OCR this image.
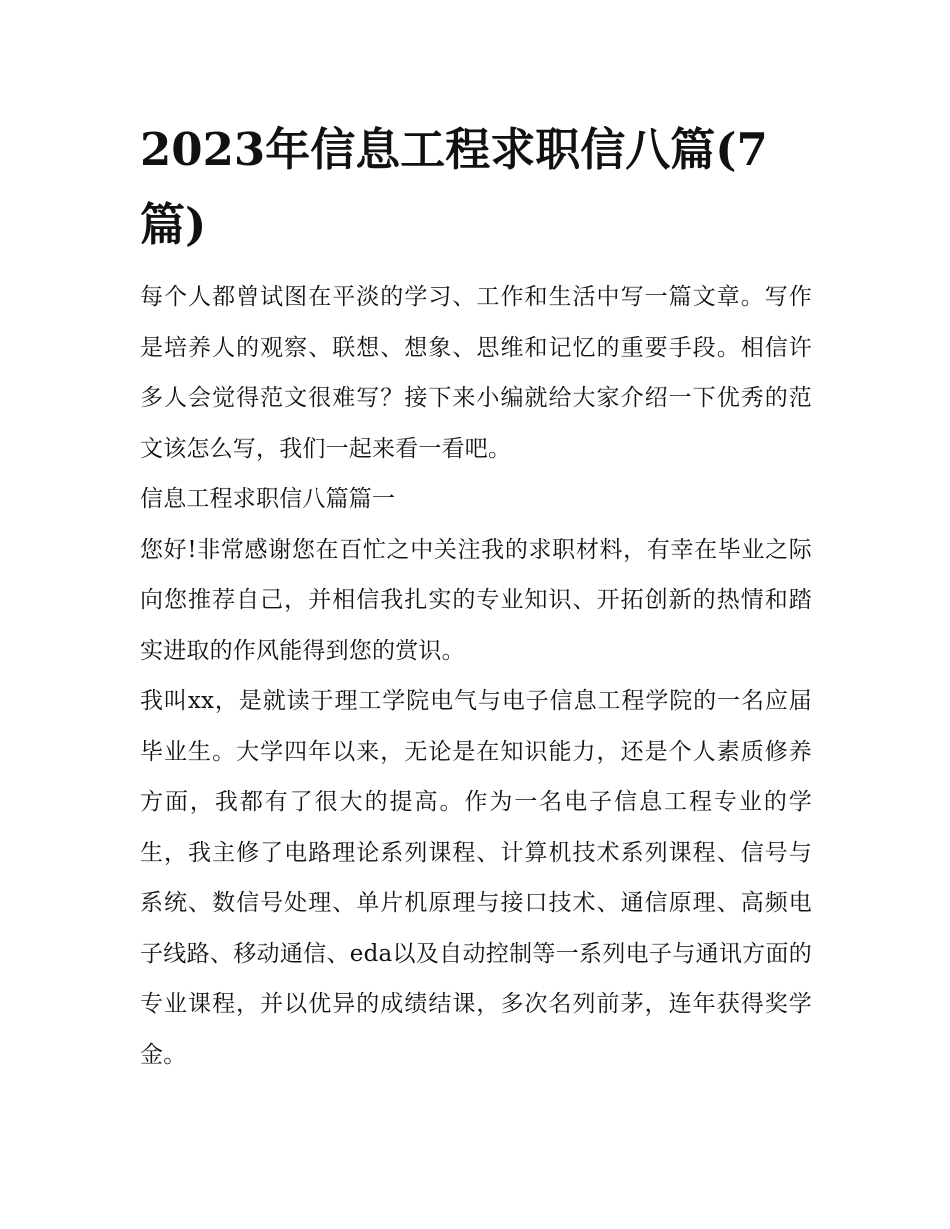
2023年信息工程求职信八篇(7篇)

每个人都曾试图在平淡的学习、工作和生活中写一篇文章。写作是培养人的观察、联想、想象、思维和记忆的重要手段。相信许多人会觉得范文很难写？接下来小编就给大家介绍一下优秀的范文该怎么写，我们一起来看一看吧。

信息工程求职信八篇篇一

您好!非常感谢您在百忙之中关注我的求职材料，有幸在毕业之际向您推荐自己，并相信我扎实的专业知识、开拓创新的热情和踏实进取的作风能得到您的赏识。

我叫xx，是就读于理工学院电气与电子信息工程学院的一名应届毕业生。大学四年以来，无论是在知识能力，还是个人素质修养方面，我都有了很大的提高。作为一名电子信息工程专业的学生，我主修了电路理论系列课程、计算机技术系列课程、信号与系统、数信号处理、单片机原理与接口技术、通信原理、高频电子线路、移动通信、eda以及自动控制等一系列电子与通讯方面的专业课程，并以优异的成绩结课，多次名列前茅，连年获得奖学金。
